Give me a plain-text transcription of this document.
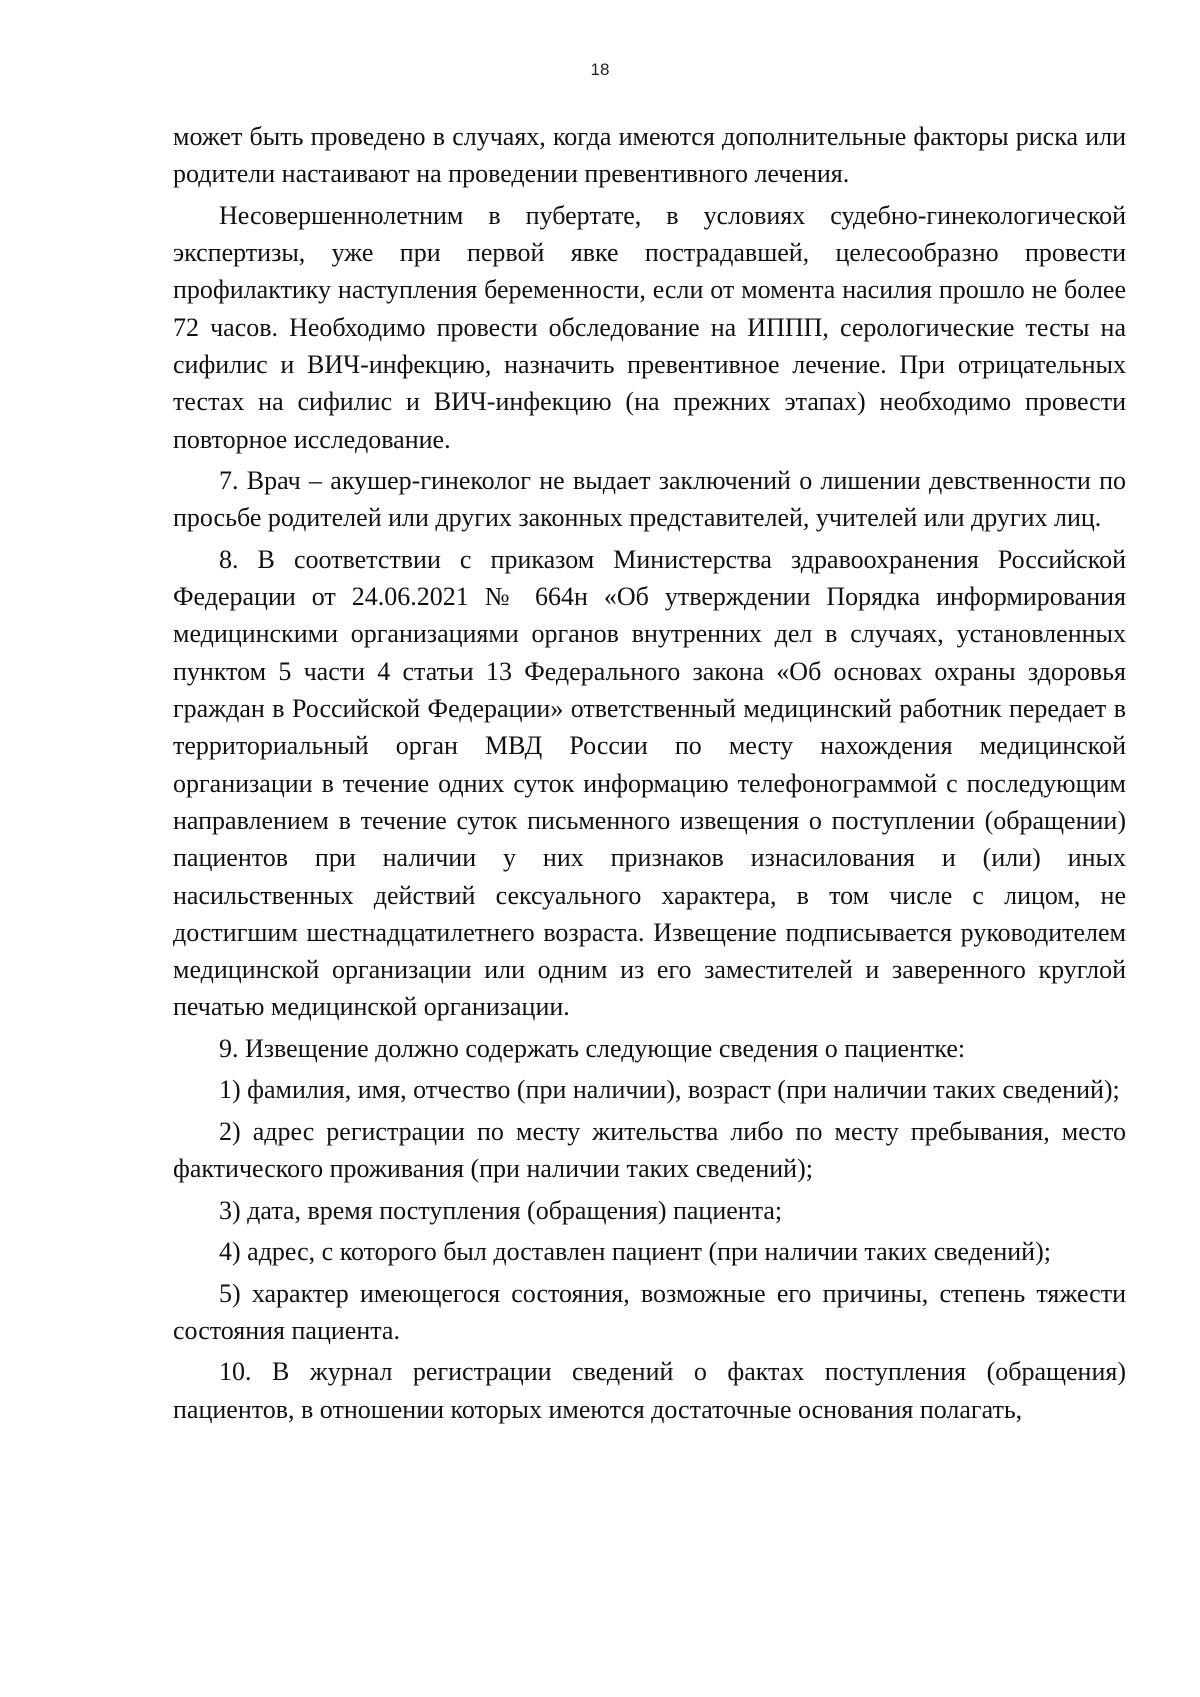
18

может быть проведено в случаях, когда имеются дополнительные факторы риска или родители настаивают на проведении превентивного лечения.

Несовершеннолетним в пубертате, в условиях судебно-гинекологической экспертизы, уже при первой явке пострадавшей, целесообразно провести профилактику наступления беременности, если от момента насилия прошло не более 72 часов. Необходимо провести обследование на ИППП, серологические тесты на сифилис и ВИЧ-инфекцию, назначить превентивное лечение. При отрицательных тестах на сифилис и ВИЧ-инфекцию (на прежних этапах) необходимо провести повторное исследование.

7. Врач – акушер-гинеколог не выдает заключений о лишении девственности по просьбе родителей или других законных представителей, учителей или других лиц.

8. В соответствии с приказом Министерства здравоохранения Российской Федерации от 24.06.2021 № 664н «Об утверждении Порядка информирования медицинскими организациями органов внутренних дел в случаях, установленных пунктом 5 части 4 статьи 13 Федерального закона «Об основах охраны здоровья граждан в Российской Федерации» ответственный медицинский работник передает в территориальный орган МВД России по месту нахождения медицинской организации в течение одних суток информацию телефонограммой с последующим направлением в течение суток письменного извещения о поступлении (обращении) пациентов при наличии у них признаков изнасилования и (или) иных насильственных действий сексуального характера, в том числе с лицом, не достигшим шестнадцатилетнего возраста. Извещение подписывается руководителем медицинской организации или одним из его заместителей и заверенного круглой печатью медицинской организации.

9. Извещение должно содержать следующие сведения о пациентке:

1) фамилия, имя, отчество (при наличии), возраст (при наличии таких сведений);

2) адрес регистрации по месту жительства либо по месту пребывания, место фактического проживания (при наличии таких сведений);

3) дата, время поступления (обращения) пациента;

4) адрес, с которого был доставлен пациент (при наличии таких сведений);

5) характер имеющегося состояния, возможные его причины, степень тяжести состояния пациента.

10. В журнал регистрации сведений о фактах поступления (обращения) пациентов, в отношении которых имеются достаточные основания полагать,
